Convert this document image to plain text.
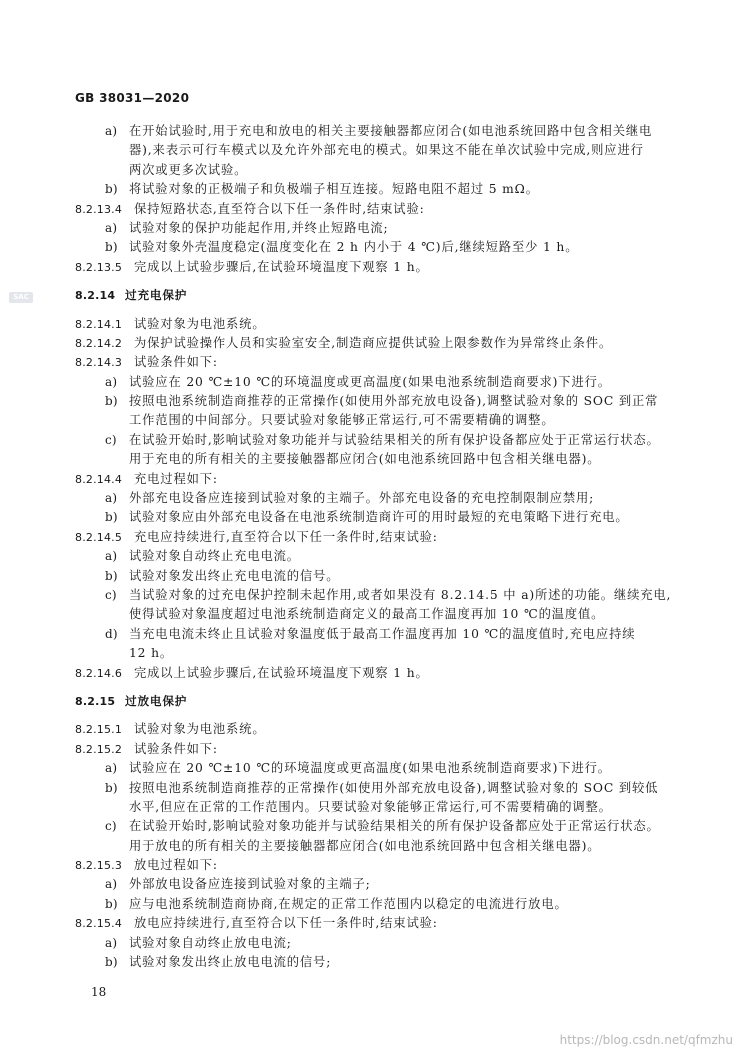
GB 38031—2020
SAC
a) 在开始试验时,用于充电和放电的相关主要接触器都应闭合(如电池系统回路中包含相关继电
器),来表示可行车模式以及允许外部充电的模式。如果这不能在单次试验中完成,则应进行
两次或更多次试验。
b) 将试验对象的正极端子和负极端子相互连接。短路电阻不超过 5 mΩ。
8.2.13.4 保持短路状态,直至符合以下任一条件时,结束试验:
a) 试验对象的保护功能起作用,并终止短路电流;
b) 试验对象外壳温度稳定(温度变化在 2 h 内小于 4 ℃)后,继续短路至少 1 h。
8.2.13.5 完成以上试验步骤后,在试验环境温度下观察 1 h。
8.2.14 过充电保护
8.2.14.1 试验对象为电池系统。
8.2.14.2 为保护试验操作人员和实验室安全,制造商应提供试验上限参数作为异常终止条件。
8.2.14.3 试验条件如下:
a) 试验应在 20 ℃±10 ℃的环境温度或更高温度(如果电池系统制造商要求)下进行。
b) 按照电池系统制造商推荐的正常操作(如使用外部充放电设备),调整试验对象的 SOC 到正常
工作范围的中间部分。只要试验对象能够正常运行,可不需要精确的调整。
c) 在试验开始时,影响试验对象功能并与试验结果相关的所有保护设备都应处于正常运行状态。
用于充电的所有相关的主要接触器都应闭合(如电池系统回路中包含相关继电器)。
8.2.14.4 充电过程如下:
a) 外部充电设备应连接到试验对象的主端子。外部充电设备的充电控制限制应禁用;
b) 试验对象应由外部充电设备在电池系统制造商许可的用时最短的充电策略下进行充电。
8.2.14.5 充电应持续进行,直至符合以下任一条件时,结束试验:
a) 试验对象自动终止充电电流。
b) 试验对象发出终止充电电流的信号。
c) 当试验对象的过充电保护控制未起作用,或者如果没有 8.2.14.5 中 a)所述的功能。继续充电,
使得试验对象温度超过电池系统制造商定义的最高工作温度再加 10 ℃的温度值。
d) 当充电电流未终止且试验对象温度低于最高工作温度再加 10 ℃的温度值时,充电应持续
12 h。
8.2.14.6 完成以上试验步骤后,在试验环境温度下观察 1 h。
8.2.15 过放电保护
8.2.15.1 试验对象为电池系统。
8.2.15.2 试验条件如下:
a) 试验应在 20 ℃±10 ℃的环境温度或更高温度(如果电池系统制造商要求)下进行。
b) 按照电池系统制造商推荐的正常操作(如使用外部充放电设备),调整试验对象的 SOC 到较低
水平,但应在正常的工作范围内。只要试验对象能够正常运行,可不需要精确的调整。
c) 在试验开始时,影响试验对象功能并与试验结果相关的所有保护设备都应处于正常运行状态。
用于放电的所有相关的主要接触器都应闭合(如电池系统回路中包含相关继电器)。
8.2.15.3 放电过程如下:
a) 外部放电设备应连接到试验对象的主端子;
b) 应与电池系统制造商协商,在规定的正常工作范围内以稳定的电流进行放电。
8.2.15.4 放电应持续进行,直至符合以下任一条件时,结束试验:
a) 试验对象自动终止放电电流;
b) 试验对象发出终止放电电流的信号;
18
https://blog.csdn.net/qfmzhu
